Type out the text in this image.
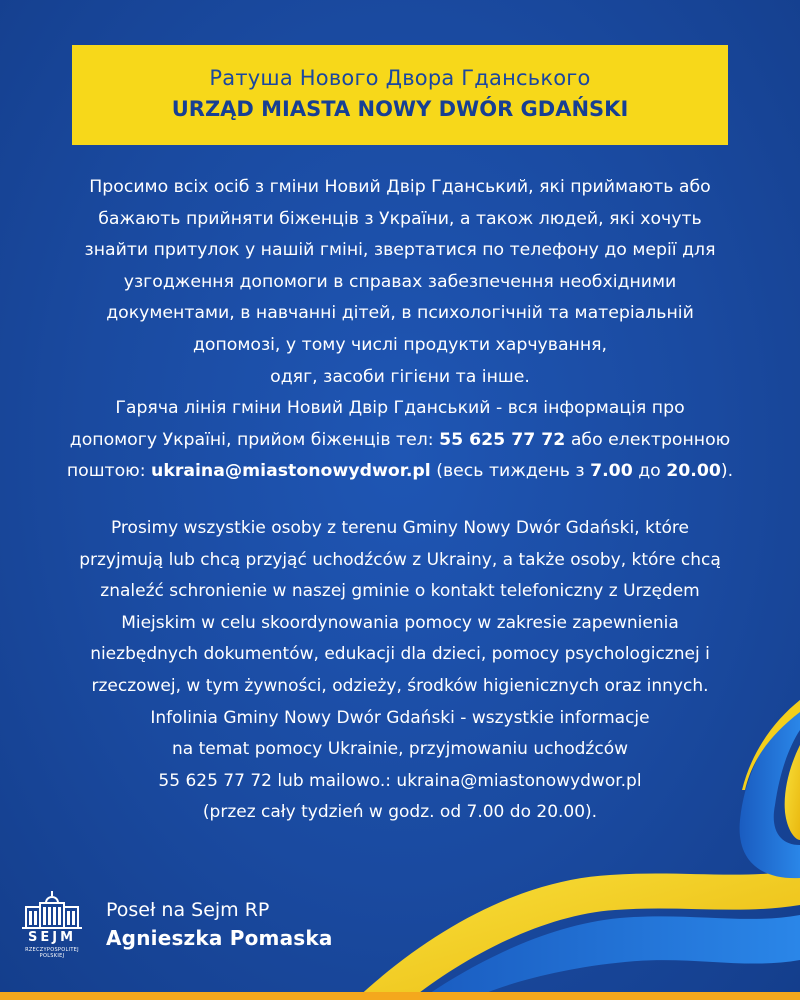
Ратуша Нового Двора Гданського
URZĄD MIASTA NOWY DWÓR GDAŃSKI
Просимо всіх осіб з гміни Новий Двір Гданський, які приймають або
бажають прийняти біженців з України, а також людей, які хочуть
знайти притулок у нашій гміні, звертатися по телефону до мерії для
узгодження допомоги в справах забезпечення необхідними
документами, в навчанні дітей, в психологічній та матеріальній
допомозі, у тому числі продукти харчування,
одяг, засоби гігієни та інше.
Гаряча лінія гміни Новий Двір Гданський - вся інформація про
допомогу Україні, прийом біженців тел: 55 625 77 72 або електронною
поштою: ukraina@miastonowydwor.pl (весь тиждень з 7.00 до 20.00).
Prosimy wszystkie osoby z terenu Gminy Nowy Dwór Gdański, które
przyjmują lub chcą przyjąć uchodźców z Ukrainy, a także osoby, które chcą
znaleźć schronienie w naszej gminie o kontakt telefoniczny z Urzędem
Miejskim w celu skoordynowania pomocy w zakresie zapewnienia
niezbędnych dokumentów, edukacji dla dzieci, pomocy psychologicznej i
rzeczowej, w tym żywności, odzieży, środków higienicznych oraz innych.
Infolinia Gminy Nowy Dwór Gdański - wszystkie informacje
na temat pomocy Ukrainie, przyjmowaniu uchodźców
55 625 77 72 lub mailowo.: ukraina@miastonowydwor.pl
(przez cały tydzień w godz. od 7.00 do 20.00).
SEJM
RZECZYPOSPOLITEJ
POLSKIEJ
Poseł na Sejm RP
Agnieszka Pomaska
